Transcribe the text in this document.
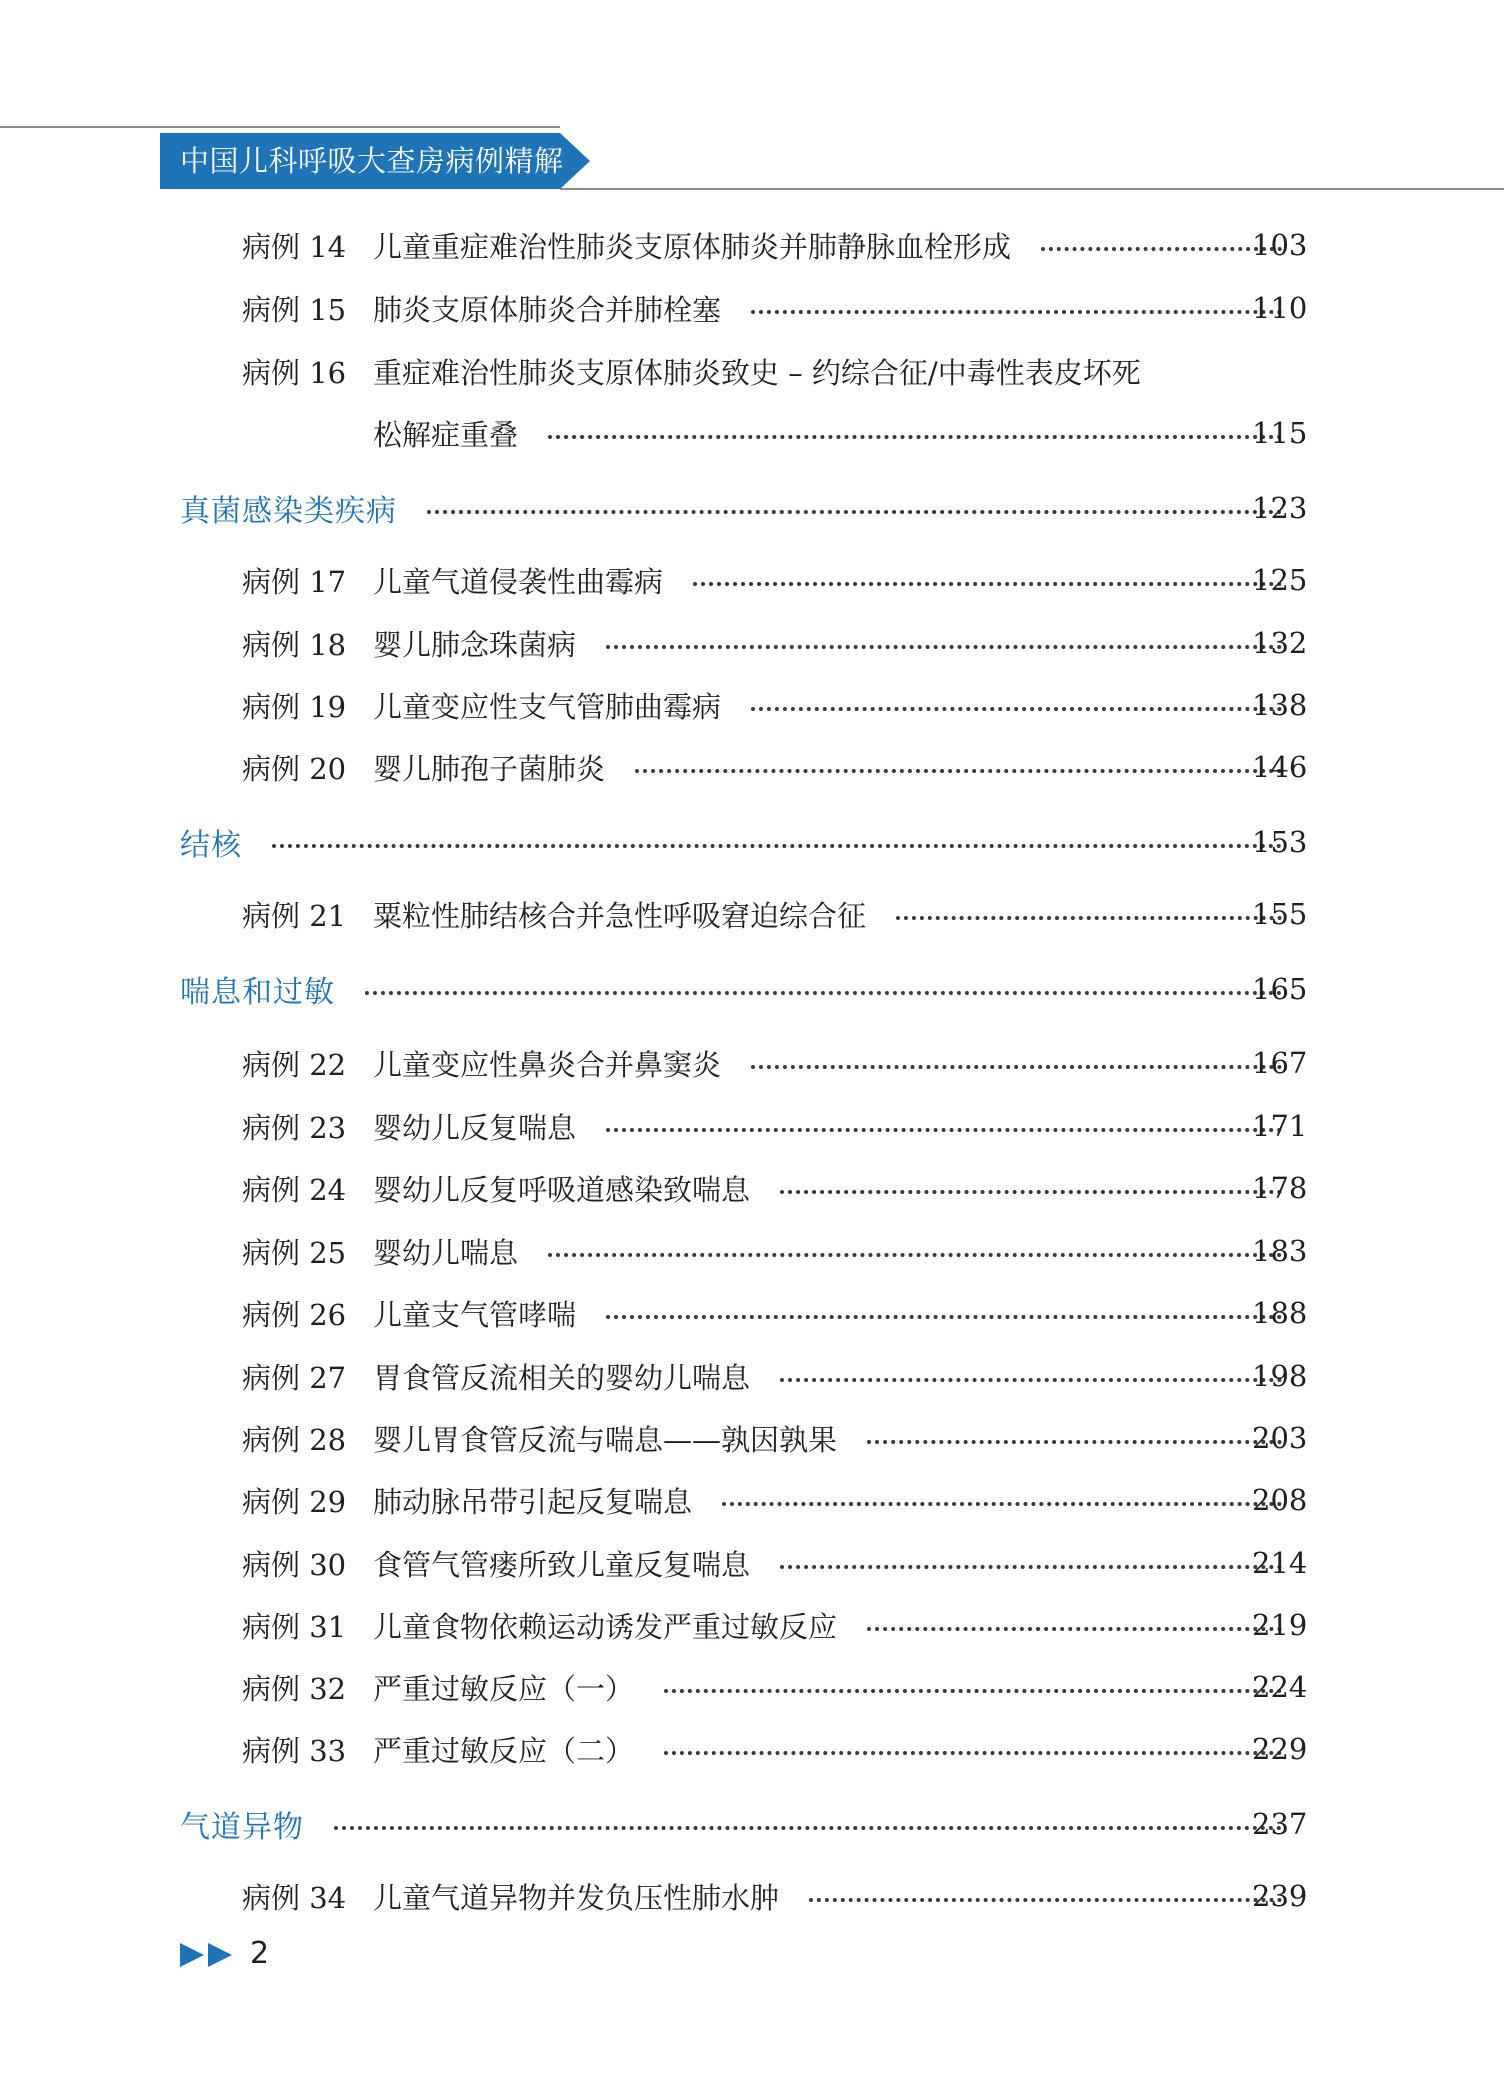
中国儿科呼吸大查房病例精解
病例 14 儿童重症难治性肺炎支原体肺炎并肺静脉血栓形成	103
病例 15 肺炎支原体肺炎合并肺栓塞	110
病例 16 重症难治性肺炎支原体肺炎致史 – 约综合征/中毒性表皮坏死
松解症重叠	115
真菌感染类疾病	123
病例 17 儿童气道侵袭性曲霉病	125
病例 18 婴儿肺念珠菌病	132
病例 19 儿童变应性支气管肺曲霉病	138
病例 20 婴儿肺孢子菌肺炎	146
结核	153
病例 21 粟粒性肺结核合并急性呼吸窘迫综合征	155
喘息和过敏	165
病例 22 儿童变应性鼻炎合并鼻窦炎	167
病例 23 婴幼儿反复喘息	171
病例 24 婴幼儿反复呼吸道感染致喘息	178
病例 25 婴幼儿喘息	183
病例 26 儿童支气管哮喘	188
病例 27 胃食管反流相关的婴幼儿喘息	198
病例 28 婴儿胃食管反流与喘息——孰因孰果	203
病例 29 肺动脉吊带引起反复喘息	208
病例 30 食管气管瘘所致儿童反复喘息	214
病例 31 儿童食物依赖运动诱发严重过敏反应	219
病例 32 严重过敏反应（一）	224
病例 33 严重过敏反应（二）	229
气道异物	237
病例 34 儿童气道异物并发负压性肺水肿	239
2
